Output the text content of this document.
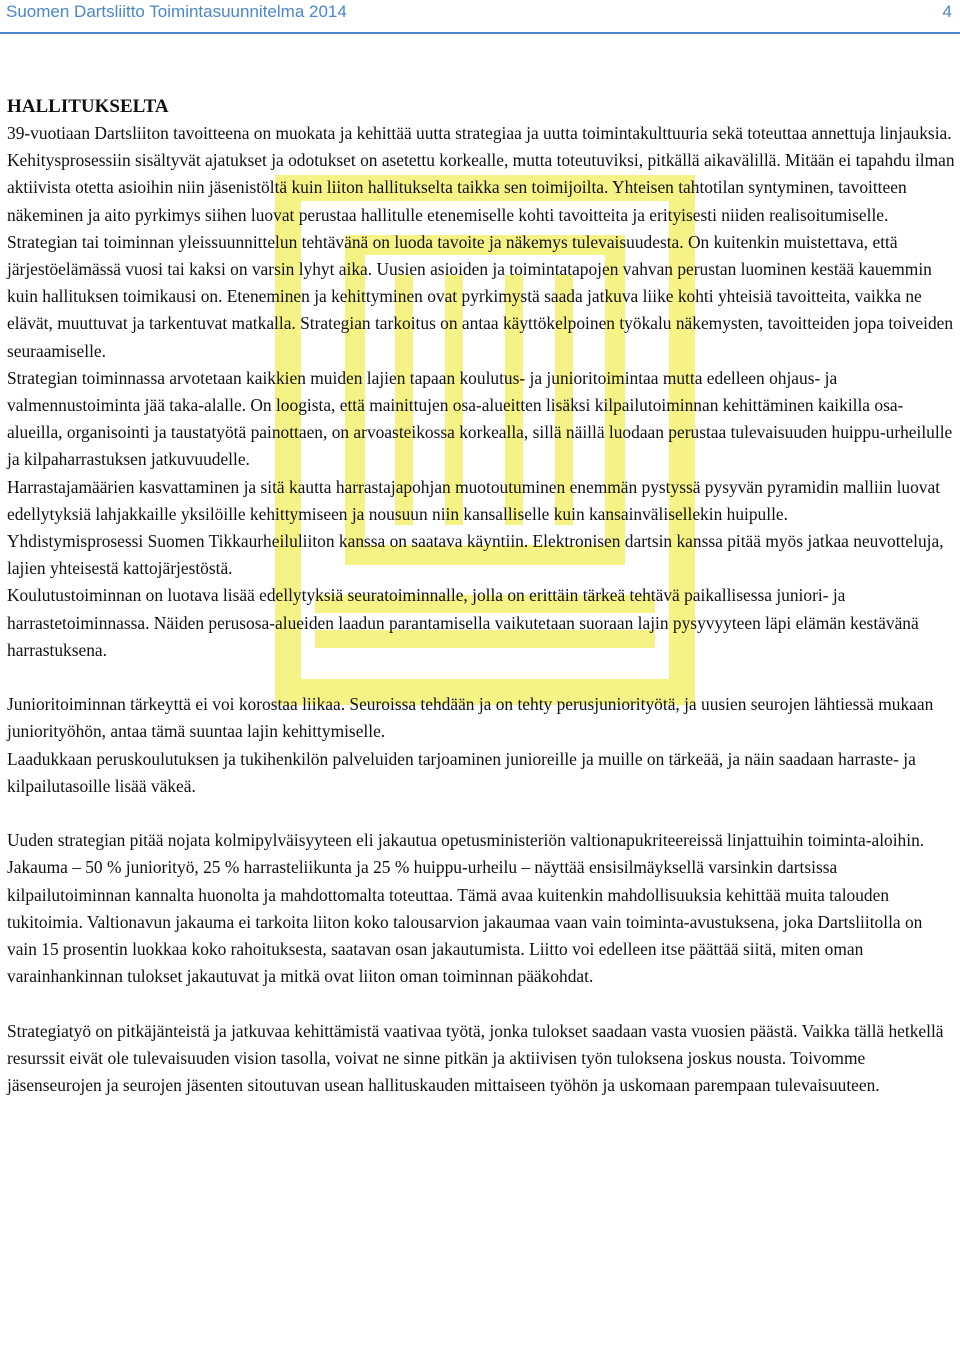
Suomen Dartsliitto Toimintasuunnitelma 2014	4
HALLITUKSELTA

39-vuotiaan Dartsliiton tavoitteena on muokata ja kehittää uutta strategiaa ja uutta toimintakulttuuria sekä toteuttaa annettuja linjauksia. Kehitysprosessiin sisältyvät ajatukset ja odotukset on asetettu korkealle, mutta toteutuviksi, pitkällä aikavälillä. Mitään ei tapahdu ilman aktiivista otetta asioihin niin jäsenistöltä kuin liiton hallitukselta taikka sen toimijoilta. Yhteisen tahtotilan syntyminen, tavoitteen näkeminen ja aito pyrkimys siihen luovat perustaa hallitulle etenemiselle kohti tavoitteita ja erityisesti niiden realisoitumiselle.

Strategian tai toiminnan yleissuunnittelun tehtävänä on luoda tavoite ja näkemys tulevaisuudesta. On kuitenkin muistettava, että järjestöelämässä vuosi tai kaksi on varsin lyhyt aika. Uusien asioiden ja toimintatapojen vahvan perustan luominen kestää kauemmin kuin hallituksen toimikausi on. Eteneminen ja kehittyminen ovat pyrkimystä saada jatkuva liike kohti yhteisiä tavoitteita, vaikka ne elävät, muuttuvat ja tarkentuvat matkalla. Strategian tarkoitus on antaa käyttökelpoinen työkalu näkemysten, tavoitteiden jopa toiveiden seuraamiselle.

Strategian toiminnassa arvotetaan kaikkien muiden lajien tapaan koulutus- ja junioritoimintaa mutta edelleen ohjaus- ja valmennustoiminta jää taka-alalle. On loogista, että mainittujen osa-alueitten lisäksi kilpailutoiminnan kehittäminen kaikilla osa-alueilla, organisointi ja taustatyötä painottaen, on arvoasteikossa korkealla, sillä näillä luodaan perustaa tulevaisuuden huippu-urheilulle ja kilpaharrastuksen jatkuvuudelle.

Harrastajamäärien kasvattaminen ja sitä kautta harrastajapohjan muotoutuminen enemmän pystyssä pysyvän pyramidin malliin luovat edellytyksiä lahjakkaille yksilöille kehittymiseen ja nousuun niin kansalliselle kuin kansainvälisellekin huipulle.

Yhdistymisprosessi Suomen Tikkaurheiluliiton kanssa on saatava käyntiin. Elektronisen dartsin kanssa pitää myös jatkaa neuvotteluja, lajien yhteisestä kattojärjestöstä.

Koulutustoiminnan on luotava lisää edellytyksiä seuratoiminnalle, jolla on erittäin tärkeä tehtävä paikallisessa juniori- ja harrastetoiminnassa. Näiden perusosa-alueiden laadun parantamisella vaikutetaan suoraan lajin pysyvyyteen läpi elämän kestävänä harrastuksena.

Junioritoiminnan tärkeyttä ei voi korostaa liikaa. Seuroissa tehdään ja on tehty perusjuniorityötä, ja uusien seurojen lähtiessä mukaan juniorityöhön, antaa tämä suuntaa lajin kehittymiselle.

Laadukkaan peruskoulutuksen ja tukihenkilön palveluiden tarjoaminen junioreille ja muille on tärkeää, ja näin saadaan harraste- ja kilpailutasoille lisää väkeä.

Uuden strategian pitää nojata kolmipylväisyyteen eli jakautua opetusministeriön valtionapukriteereissä linjattuihin toiminta-aloihin.

Jakauma – 50 % juniorityö, 25 % harrasteliikunta ja 25 % huippu-urheilu – näyttää ensisilmäyksellä varsinkin dartsissa kilpailutoiminnan kannalta huonolta ja mahdottomalta toteuttaa. Tämä avaa kuitenkin mahdollisuuksia kehittää muita talouden tukitoimia. Valtionavun jakauma ei tarkoita liiton koko talousarvion jakaumaa vaan vain toiminta-avustuksena, joka Dartsliitolla on vain 15 prosentin luokkaa koko rahoituksesta, saatavan osan jakautumista. Liitto voi edelleen itse päättää siitä, miten oman varainhankinnan tulokset jakautuvat ja mitkä ovat liiton oman toiminnan pääkohdat.

Strategiatyö on pitkäjänteistä ja jatkuvaa kehittämistä vaativaa työtä, jonka tulokset saadaan vasta vuosien päästä. Vaikka tällä hetkellä resurssit eivät ole tulevaisuuden vision tasolla, voivat ne sinne pitkän ja aktiivisen työn tuloksena joskus nousta. Toivomme jäsenseurojen ja seurojen jäsenten sitoutuvan usean hallituskauden mittaiseen työhön ja uskomaan parempaan tulevaisuuteen.
